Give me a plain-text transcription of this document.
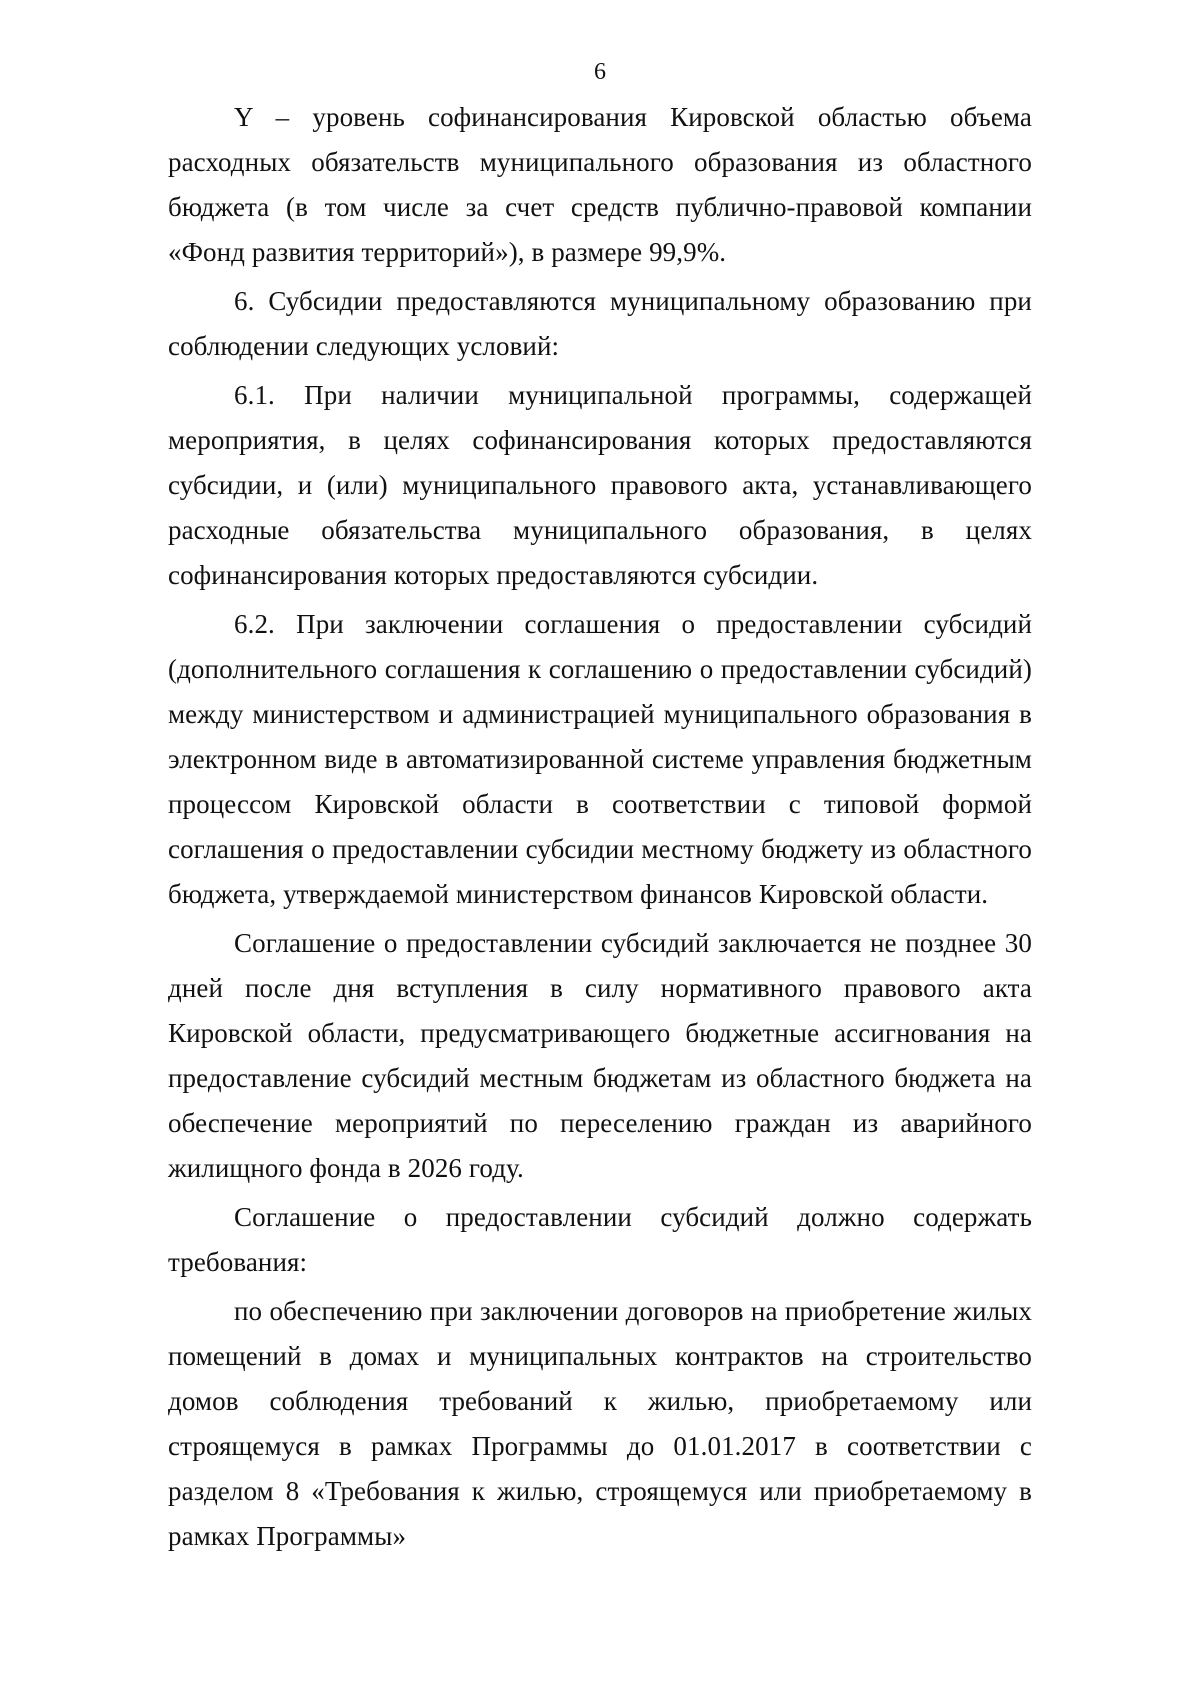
6

Y – уровень софинансирования Кировской областью объема расходных обязательств муниципального образования из областного бюджета (в том числе за счет средств публично-правовой компании «Фонд развития территорий»), в размере 99,9%.

6. Субсидии предоставляются муниципальному образованию при соблюдении следующих условий:

6.1. При наличии муниципальной программы, содержащей мероприятия, в целях софинансирования которых предоставляются субсидии, и (или) муниципального правового акта, устанавливающего расходные обязательства муниципального образования, в целях софинансирования которых предоставляются субсидии.

6.2. При заключении соглашения о предоставлении субсидий (дополнительного соглашения к соглашению о предоставлении субсидий) между министерством и администрацией муниципального образования в электронном виде в автоматизированной системе управления бюджетным процессом Кировской области в соответствии с типовой формой соглашения о предоставлении субсидии местному бюджету из областного бюджета, утверждаемой министерством финансов Кировской области.

Соглашение о предоставлении субсидий заключается не позднее 30 дней после дня вступления в силу нормативного правового акта Кировской области, предусматривающего бюджетные ассигнования на предоставление субсидий местным бюджетам из областного бюджета на обеспечение мероприятий по переселению граждан из аварийного жилищного фонда в 2026 году.

Соглашение о предоставлении субсидий должно содержать требования:

по обеспечению при заключении договоров на приобретение жилых помещений в домах и муниципальных контрактов на строительство домов соблюдения требований к жилью, приобретаемому или строящемуся в рамках Программы до 01.01.2017 в соответствии с разделом 8 «Требования к жилью, строящемуся или приобретаемому в рамках Программы»
